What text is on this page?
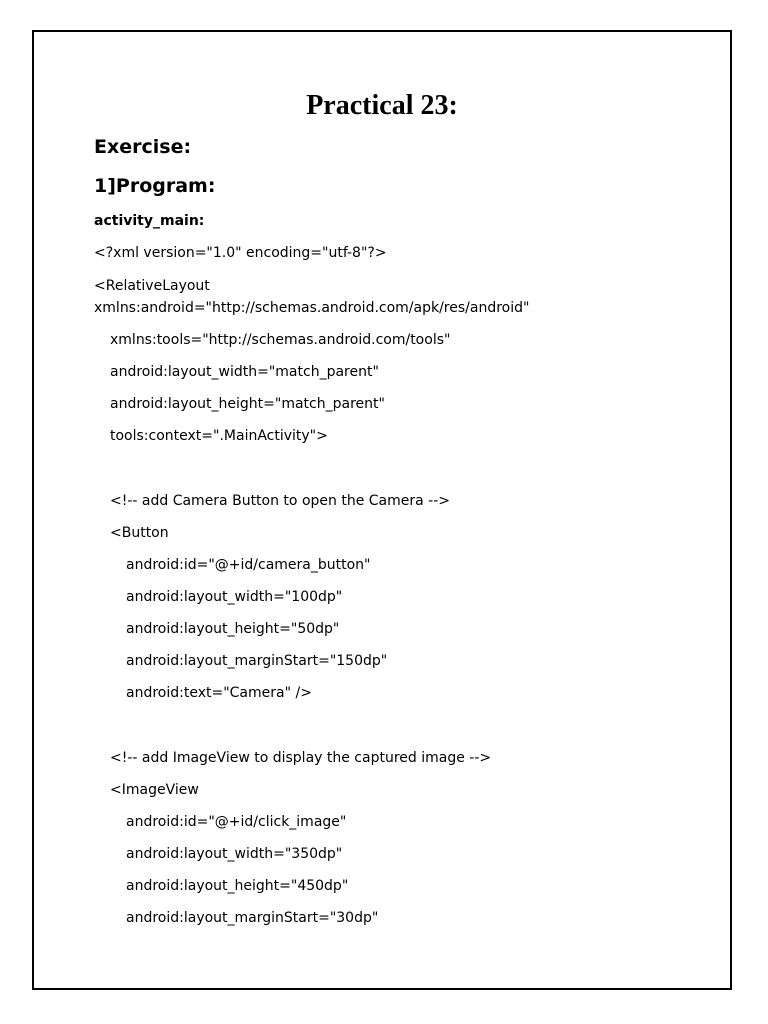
Practical 23:
Exercise:
1]Program:
activity_main:
<?xml version="1.0" encoding="utf-8"?>
<RelativeLayout
xmlns:android="http://schemas.android.com/apk/res/android"
xmlns:tools="http://schemas.android.com/tools"
android:layout_width="match_parent"
android:layout_height="match_parent"
tools:context=".MainActivity">
<!-- add Camera Button to open the Camera -->
<Button
android:id="@+id/camera_button"
android:layout_width="100dp"
android:layout_height="50dp"
android:layout_marginStart="150dp"
android:text="Camera" />
<!-- add ImageView to display the captured image -->
<ImageView
android:id="@+id/click_image"
android:layout_width="350dp"
android:layout_height="450dp"
android:layout_marginStart="30dp"
